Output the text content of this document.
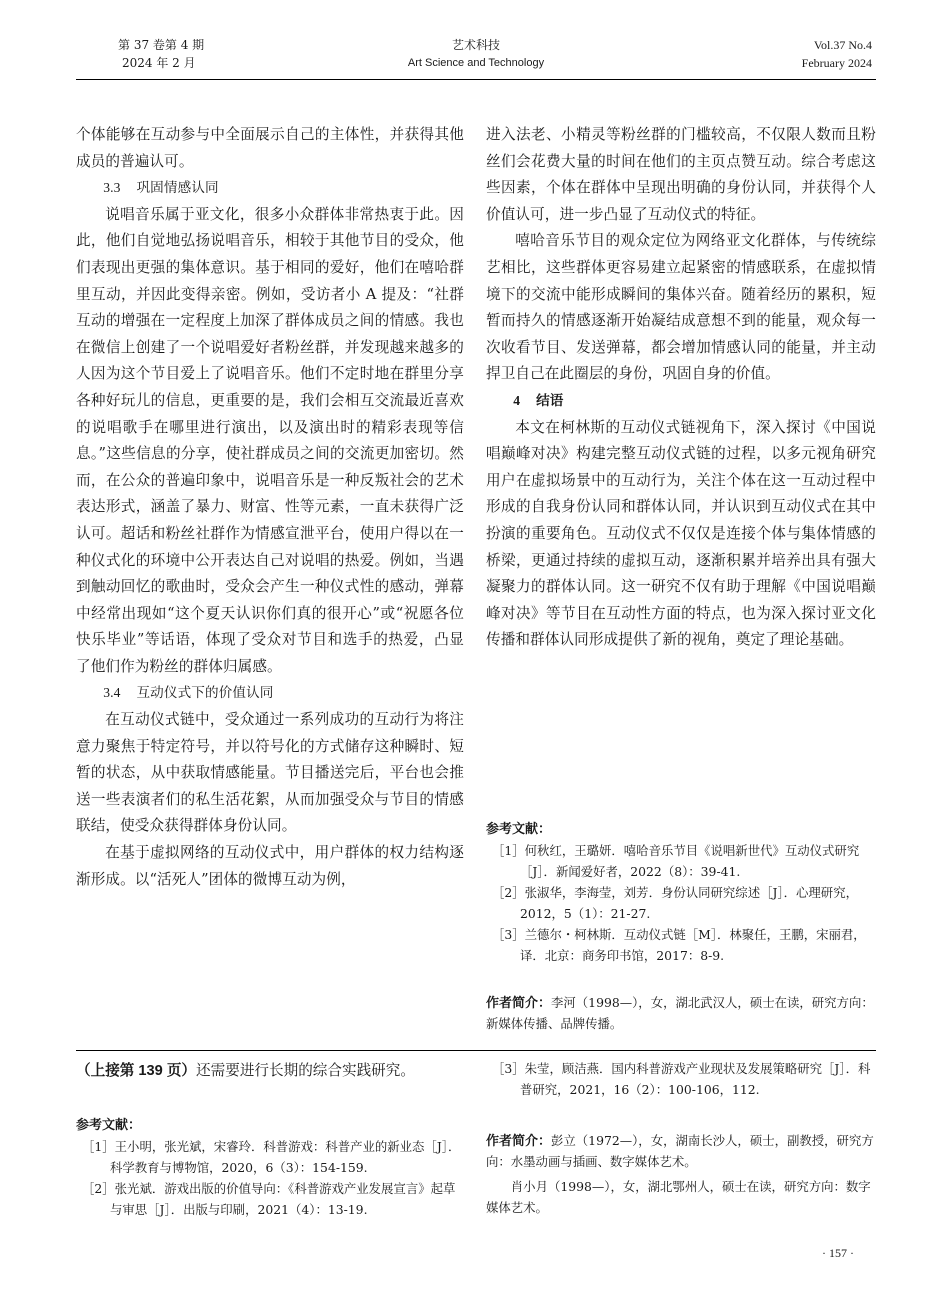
第 37 卷第 4 期
2024 年 2 月
艺术科技
Art Science and Technology
Vol.37 No.4
February 2024

个体能够在互动参与中全面展示自己的主体性，并获得其他成员的普遍认可。

3.3 巩固情感认同

说唱音乐属于亚文化，很多小众群体非常热衷于此。因此，他们自觉地弘扬说唱音乐，相较于其他节目的受众，他们表现出更强的集体意识。基于相同的爱好，他们在嘻哈群里互动，并因此变得亲密。例如，受访者小 A 提及：“社群互动的增强在一定程度上加深了群体成员之间的情感。我也在微信上创建了一个说唱爱好者粉丝群，并发现越来越多的人因为这个节目爱上了说唱音乐。他们不定时地在群里分享各种好玩儿的信息，更重要的是，我们会相互交流最近喜欢的说唱歌手在哪里进行演出，以及演出时的精彩表现等信息。”这些信息的分享，使社群成员之间的交流更加密切。然而，在公众的普遍印象中，说唱音乐是一种反叛社会的艺术表达形式，涵盖了暴力、财富、性等元素，一直未获得广泛认可。超话和粉丝社群作为情感宣泄平台，使用户得以在一种仪式化的环境中公开表达自己对说唱的热爱。例如，当遇到触动回忆的歌曲时，受众会产生一种仪式性的感动，弹幕中经常出现如“这个夏天认识你们真的很开心”或“祝愿各位快乐毕业”等话语，体现了受众对节目和选手的热爱，凸显了他们作为粉丝的群体归属感。

3.4 互动仪式下的价值认同

在互动仪式链中，受众通过一系列成功的互动行为将注意力聚焦于特定符号，并以符号化的方式储存这种瞬时、短暂的状态，从中获取情感能量。节目播送完后，平台也会推送一些表演者们的私生活花絮，从而加强受众与节目的情感联结，使受众获得群体身份认同。

在基于虚拟网络的互动仪式中，用户群体的权力结构逐渐形成。以“活死人”团体的微博互动为例，

进入法老、小精灵等粉丝群的门槛较高，不仅限人数而且粉丝们会花费大量的时间在他们的主页点赞互动。综合考虑这些因素，个体在群体中呈现出明确的身份认同，并获得个人价值认可，进一步凸显了互动仪式的特征。

嘻哈音乐节目的观众定位为网络亚文化群体，与传统综艺相比，这些群体更容易建立起紧密的情感联系，在虚拟情境下的交流中能形成瞬间的集体兴奋。随着经历的累积，短暂而持久的情感逐渐开始凝结成意想不到的能量，观众每一次收看节目、发送弹幕，都会增加情感认同的能量，并主动捍卫自己在此圈层的身份，巩固自身的价值。

4 结语

本文在柯林斯的互动仪式链视角下，深入探讨《中国说唱巅峰对决》构建完整互动仪式链的过程，以多元视角研究用户在虚拟场景中的互动行为，关注个体在这一互动过程中形成的自我身份认同和群体认同，并认识到互动仪式在其中扮演的重要角色。互动仪式不仅仅是连接个体与集体情感的桥梁，更通过持续的虚拟互动，逐渐积累并培养出具有强大凝聚力的群体认同。这一研究不仅有助于理解《中国说唱巅峰对决》等节目在互动性方面的特点，也为深入探讨亚文化传播和群体认同形成提供了新的视角，奠定了理论基础。

参考文献：
［1］何秋红，王璐妍．嘻哈音乐节目《说唱新世代》互动仪式研究［J］．新闻爱好者，2022（8）：39-41.
［2］张淑华，李海莹，刘芳．身份认同研究综述［J］．心理研究，2012，5（1）：21-27.
［3］兰德尔・柯林斯．互动仪式链［M］．林聚任，王鹏，宋丽君，译．北京：商务印书馆，2017：8-9.
作者简介：李河（1998—），女，湖北武汉人，硕士在读，研究方向：新媒体传播、品牌传播。
（上接第 139 页）还需要进行长期的综合实践研究。
参考文献：
［1］王小明，张光斌，宋睿玲．科普游戏：科普产业的新业态［J］．科学教育与博物馆，2020，6（3）：154-159.
［2］张光斌．游戏出版的价值导向：《科普游戏产业发展宣言》起草与审思［J］．出版与印刷，2021（4）：13-19.
［3］朱莹，顾洁燕．国内科普游戏产业现状及发展策略研究［J］．科普研究，2021，16（2）：100-106，112.
作者简介：彭立（1972—），女，湖南长沙人，硕士，副教授，研究方向：水墨动画与插画、数字媒体艺术。
肖小月（1998—），女，湖北鄂州人，硕士在读，研究方向：数字媒体艺术。
· 157 ·
